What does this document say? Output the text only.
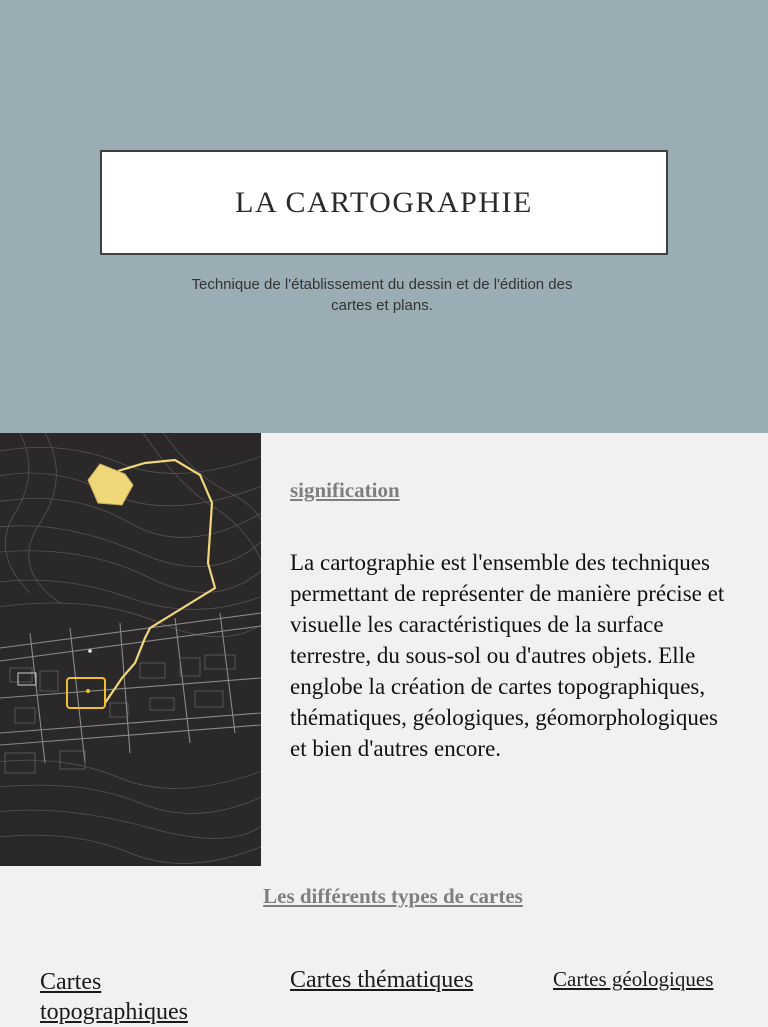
LA CARTOGRAPHIE
Technique de l'établissement du dessin et de l'édition des cartes et plans.
signification
La cartographie est l'ensemble des techniques permettant de représenter de manière précise et visuelle les caractéristiques de la surface terrestre, du sous-sol ou d'autres objets. Elle englobe la création de cartes topographiques, thématiques, géologiques, géomorphologiques et bien d'autres encore.
Les différents types de cartes
Cartes topographiques
Cartes thématiques	Cartes géologiques
